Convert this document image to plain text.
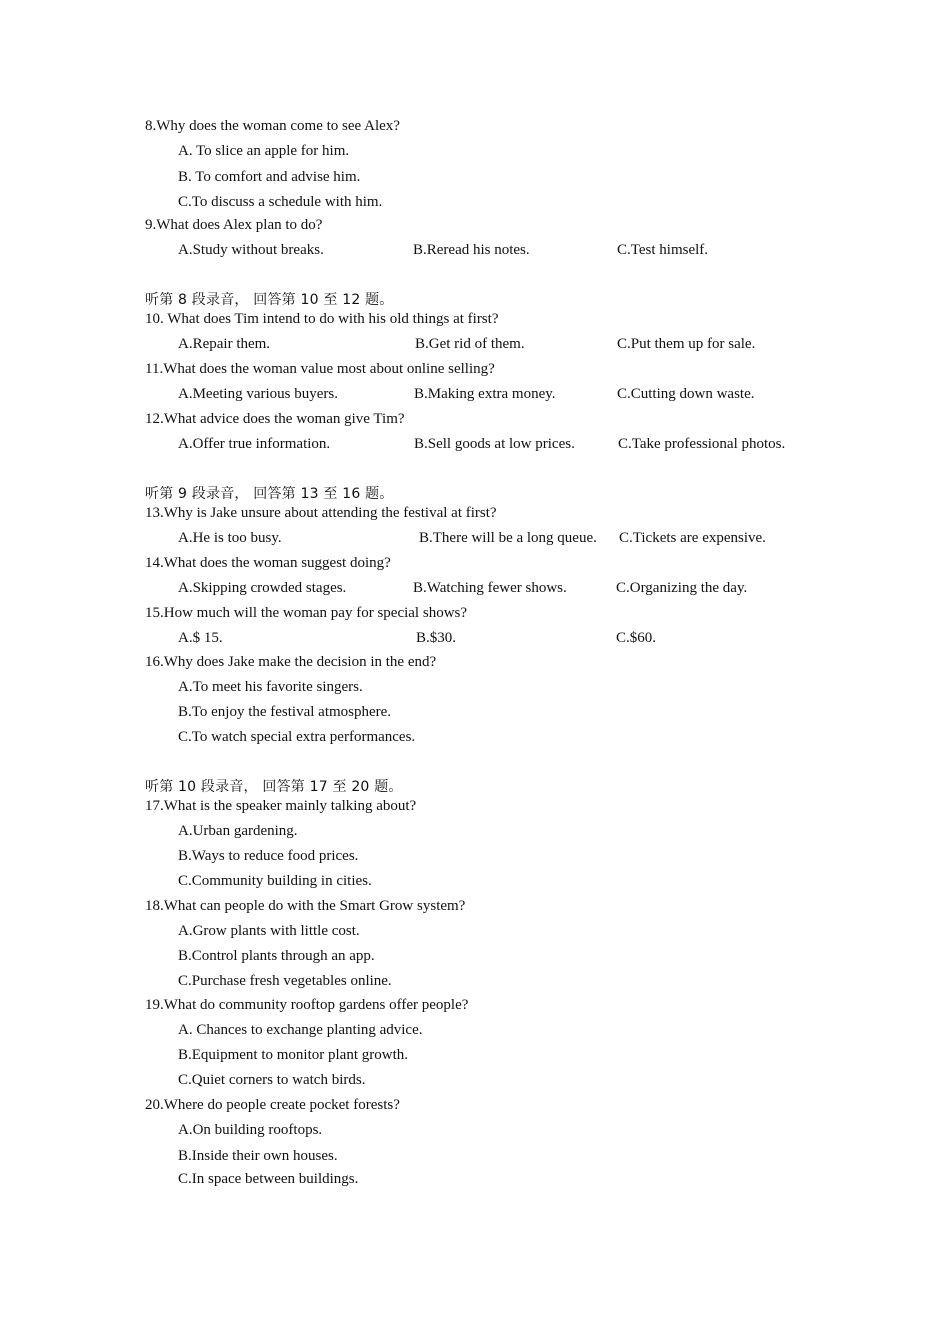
8.Why does the woman come to see Alex?
A. To slice an apple for him.
B. To comfort and advise him.
C.To discuss a schedule with him.
9.What does Alex plan to do?
A.Study without breaks.	B.Reread his notes.	C.Test himself.
听第 8 段录音， 回答第 10 至 12 题。
10. What does Tim intend to do with his old things at first?
A.Repair them.	B.Get rid of them.	C.Put them up for sale.
11.What does the woman value most about online selling?
A.Meeting various buyers.	B.Making extra money.	C.Cutting down waste.
12.What advice does the woman give Tim?
A.Offer true information.	B.Sell goods at low prices.	C.Take professional photos.
听第 9 段录音， 回答第 13 至 16 题。
13.Why is Jake unsure about attending the festival at first?
A.He is too busy.	B.There will be a long queue. C.Tickets are expensive.
14.What does the woman suggest doing?
A.Skipping crowded stages.	B.Watching fewer shows.	C.Organizing the day.
15.How much will the woman pay for special shows?
A.$ 15.	B.$30.	C.$60.
16.Why does Jake make the decision in the end?
A.To meet his favorite singers.
B.To enjoy the festival atmosphere.
C.To watch special extra performances.
听第 10 段录音， 回答第 17 至 20 题。
17.What is the speaker mainly talking about?
A.Urban gardening.
B.Ways to reduce food prices.
C.Community building in cities.
18.What can people do with the Smart Grow system?
A.Grow plants with little cost.
B.Control plants through an app.
C.Purchase fresh vegetables online.
19.What do community rooftop gardens offer people?
A. Chances to exchange planting advice.
B.Equipment to monitor plant growth.
C.Quiet corners to watch birds.
20.Where do people create pocket forests?
A.On building rooftops.
B.Inside their own houses.
C.In space between buildings.
